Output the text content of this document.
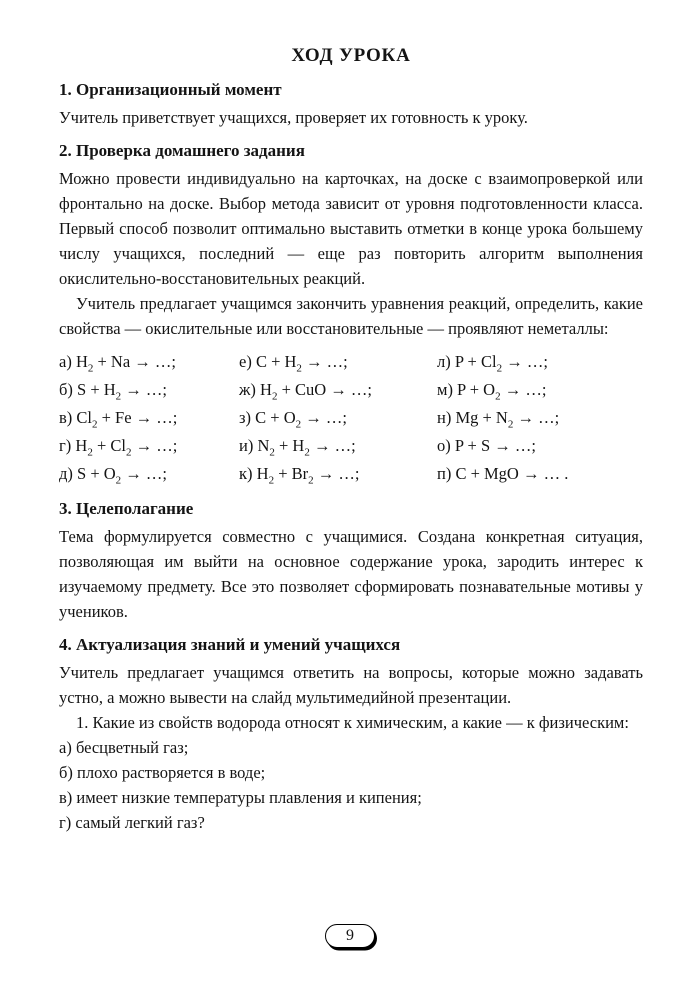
ХОД УРОКА
1. Организационный момент

Учитель приветствует учащихся, проверяет их готовность к уроку.

2. Проверка домашнего задания

Можно провести индивидуально на карточках, на доске с взаимопроверкой или фронтально на доске. Выбор метода зависит от уровня подготовленности класса. Первый способ позволит оптимально выставить отметки в конце урока большему числу учащихся, последний — еще раз повторить алгоритм выполнения окислительно-восстановительных реакций.

Учитель предлагает учащимся закончить уравнения реакций, определить, какие свойства — окислительные или восстановительные — проявляют неметаллы:

а) $H_2 + Na$ → …;	е) $C + H_2$ → …;	л) $P + Cl_2$ → …;
б) $S + H_2$ → …;	ж) $H_2$ + CuO → …;	м) $P + O_2$ → …;
в) $Cl_2 + Fe$ → …;	з) $C + O_2$ → …;	н) $Mg + N_2$ → …;
г) $H_2 + Cl_2$ → …;	и) $N_2 + H_2$ → …;	о) P + S → …;
д) $S + O_2$ → …;	к) $H_2 + Br_2$ → …;	п) C + MgO → … .
3. Целеполагание

Тема формулируется совместно с учащимися. Создана конкретная ситуация, позволяющая им выйти на основное содержание урока, зародить интерес к изучаемому предмету. Все это позволяет сформировать познавательные мотивы у учеников.

4. Актуализация знаний и умений учащихся

Учитель предлагает учащимся ответить на вопросы, которые можно задавать устно, а можно вывести на слайд мультимедийной презентации.

1. Какие из свойств водорода относят к химическим, а какие — к физическим:

а) бесцветный газ;

б) плохо растворяется в воде;

в) имеет низкие температуры плавления и кипения;

г) самый легкий газ?

9
